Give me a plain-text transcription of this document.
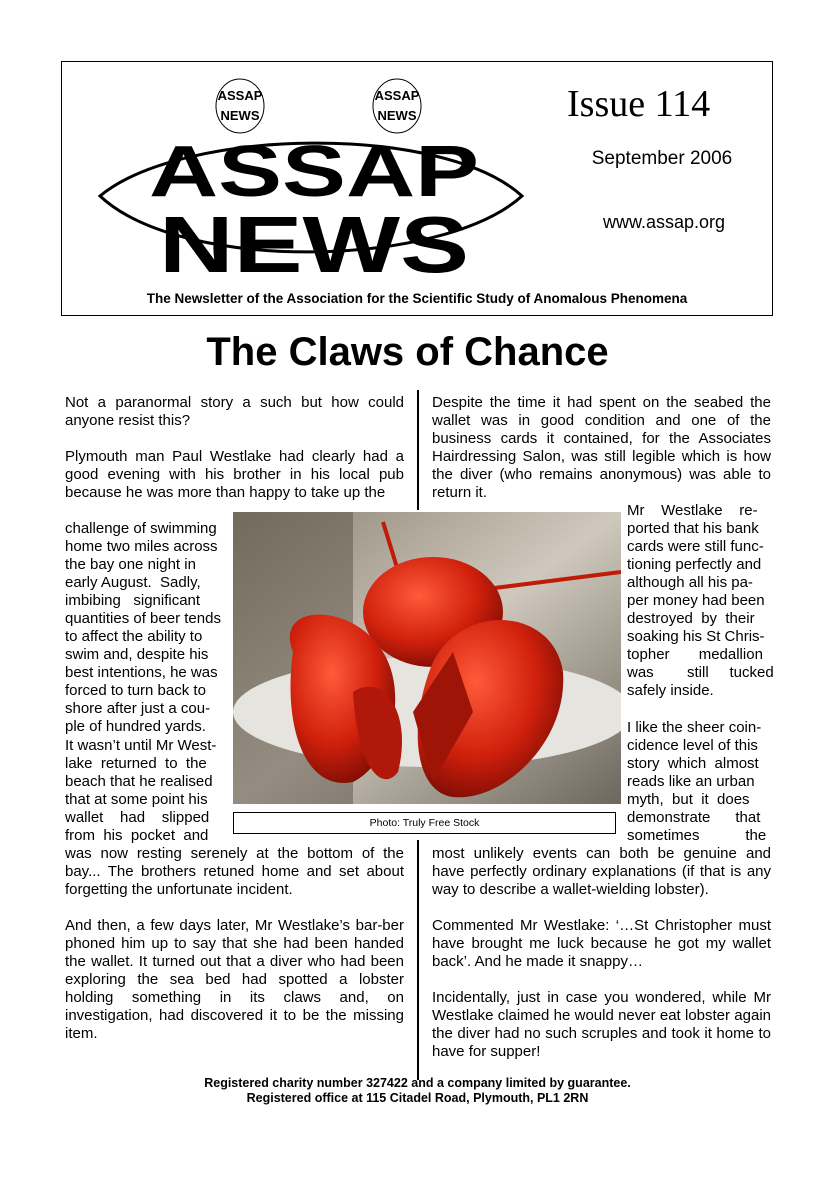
ASSAP
NEWS
ASSAP
NEWS
ASSAP
NEWS
Issue 114
September 2006
www.assap.org
The Newsletter of the Association for the Scientific Study of Anomalous Phenomena
The Claws of Chance

Not a paranormal story a such but how could anyone resist this?

Plymouth man Paul Westlake had clearly had a good evening with his brother in his local pub because he was more than happy to take up the
challenge of swimming
home two miles across
the bay one night in
early August.  Sadly,
imbibing   significant
quantities of beer tends
to affect the ability to
swim and, despite his
best intentions, he was
forced to turn back to
shore after just a cou-
ple of hundred yards.
It wasn’t until Mr West-
lake  returned  to  the
beach that he realised
that at some point his
wallet    had    slipped
from  his  pocket  and

was now resting serenely at the bottom of the bay... The brothers retuned home and set about forgetting the unfortunate incident.

And then, a few days later, Mr Westlake’s bar-ber phoned him up to say that she had been handed the wallet. It turned out that a diver who had been exploring the sea bed had spotted a lobster holding something in its claws and, on investigation, had discovered it to be the missing item.

Despite the time it had spent on the seabed the wallet was in good condition and one of the business cards it contained, for the Associates Hairdressing Salon, was still legible which is how the diver (who remains anonymous) was able to return it.

Mr    Westlake    re-
ported that his bank
cards were still func-
tioning perfectly and
although all his pa-
per money had been
destroyed  by  their
soaking his St Chris-
topher       medallion
was        still     tucked
safely inside.
I like the sheer coin-
cidence level of this
story  which  almost
reads like an urban
myth,  but  it  does
demonstrate      that
sometimes           the

most unlikely events can both be genuine and have perfectly ordinary explanations (if that is any way to describe a wallet-wielding lobster).

Commented Mr Westlake: ‘…St Christopher must have brought me luck because he got my wallet back’. And he made it snappy…

Incidentally, just in case you wondered, while Mr Westlake claimed he would never eat lobster again the diver had no such scruples and took it home to have for supper!

Photo: Truly Free Stock
Registered charity number 327422 and a company limited by guarantee.
Registered office at 115 Citadel Road, Plymouth, PL1 2RN
